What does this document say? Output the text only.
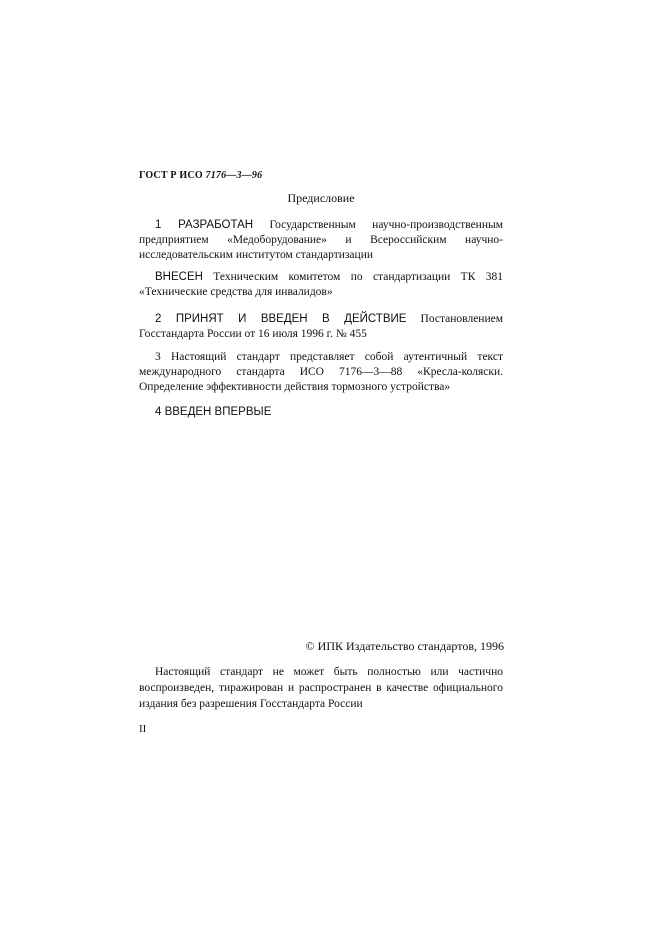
ГОСТ Р ИСО 7176—3—96
Предисловие

1 РАЗРАБОТАН Государственным научно-производственным предприятием «Медоборудование» и Всероссийским научно-исследовательским институтом стандартизации

ВНЕСЕН Техническим комитетом по стандартизации ТК 381 «Технические средства для инвалидов»

2 ПРИНЯТ И ВВЕДЕН В ДЕЙСТВИЕ Постановлением Госстандарта России от 16 июля 1996 г. № 455

3 Настоящий стандарт представляет собой аутентичный текст международного стандарта ИСО 7176—3—88 «Кресла-коляски. Определение эффективности действия тормозного устройства»

4 ВВЕДЕН ВПЕРВЫЕ

© ИПК Издательство стандартов, 1996

Настоящий стандарт не может быть полностью или частично воспроизведен, тиражирован и распространен в качестве официального издания без разрешения Госстандарта России

II
